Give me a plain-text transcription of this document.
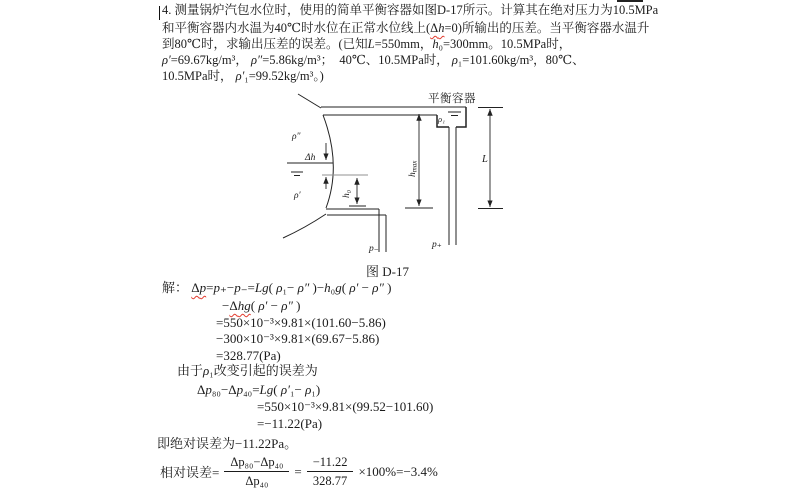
4. 测量锅炉汽包水位时，使用的简单平衡容器如图D-17所示。计算其在绝对压力为10.5MPa
和平衡容器内水温为40℃时水位在正常水位线上(Δh=0)所输出的压差。当平衡容器水温升
到80℃时，求输出压差的误差。(已知L=550mm，h₀=300mm。10.5MPa时，
ρ′=69.67kg/m³， ρ″=5.86kg/m³；　40℃、10.5MPa时， ρ₁=101.60kg/m³，80℃、
10.5MPa时， ρ′₁=99.52kg/m³。)
平衡容器
ρ″
ρ′
Δh
ρ₁
h₀
hmax
L
p₋	p₊
图 D-17
解： Δp=p₊−p₋=Lg( ρ₁− ρ″ )−h₀g( ρ′ − ρ″ )
−Δhg( ρ′ − ρ″ )
=550×10⁻³×9.81×(101.60−5.86)
−300×10⁻³×9.81×(69.67−5.86)
=328.77(Pa)
由于ρ₁改变引起的误差为
Δp₈₀−Δp₄₀=Lg( ρ′₁− ρ₁)
=550×10⁻³×9.81×(99.52−101.60)
=−11.22(Pa)
即绝对误差为−11.22Pa。
相对误差= $\frac{\text{Δp₈₀−Δp₄₀}}{\text{Δp₄₀}} = \frac{-11.22}{328.77} \times 100\%=-3.4\%$
